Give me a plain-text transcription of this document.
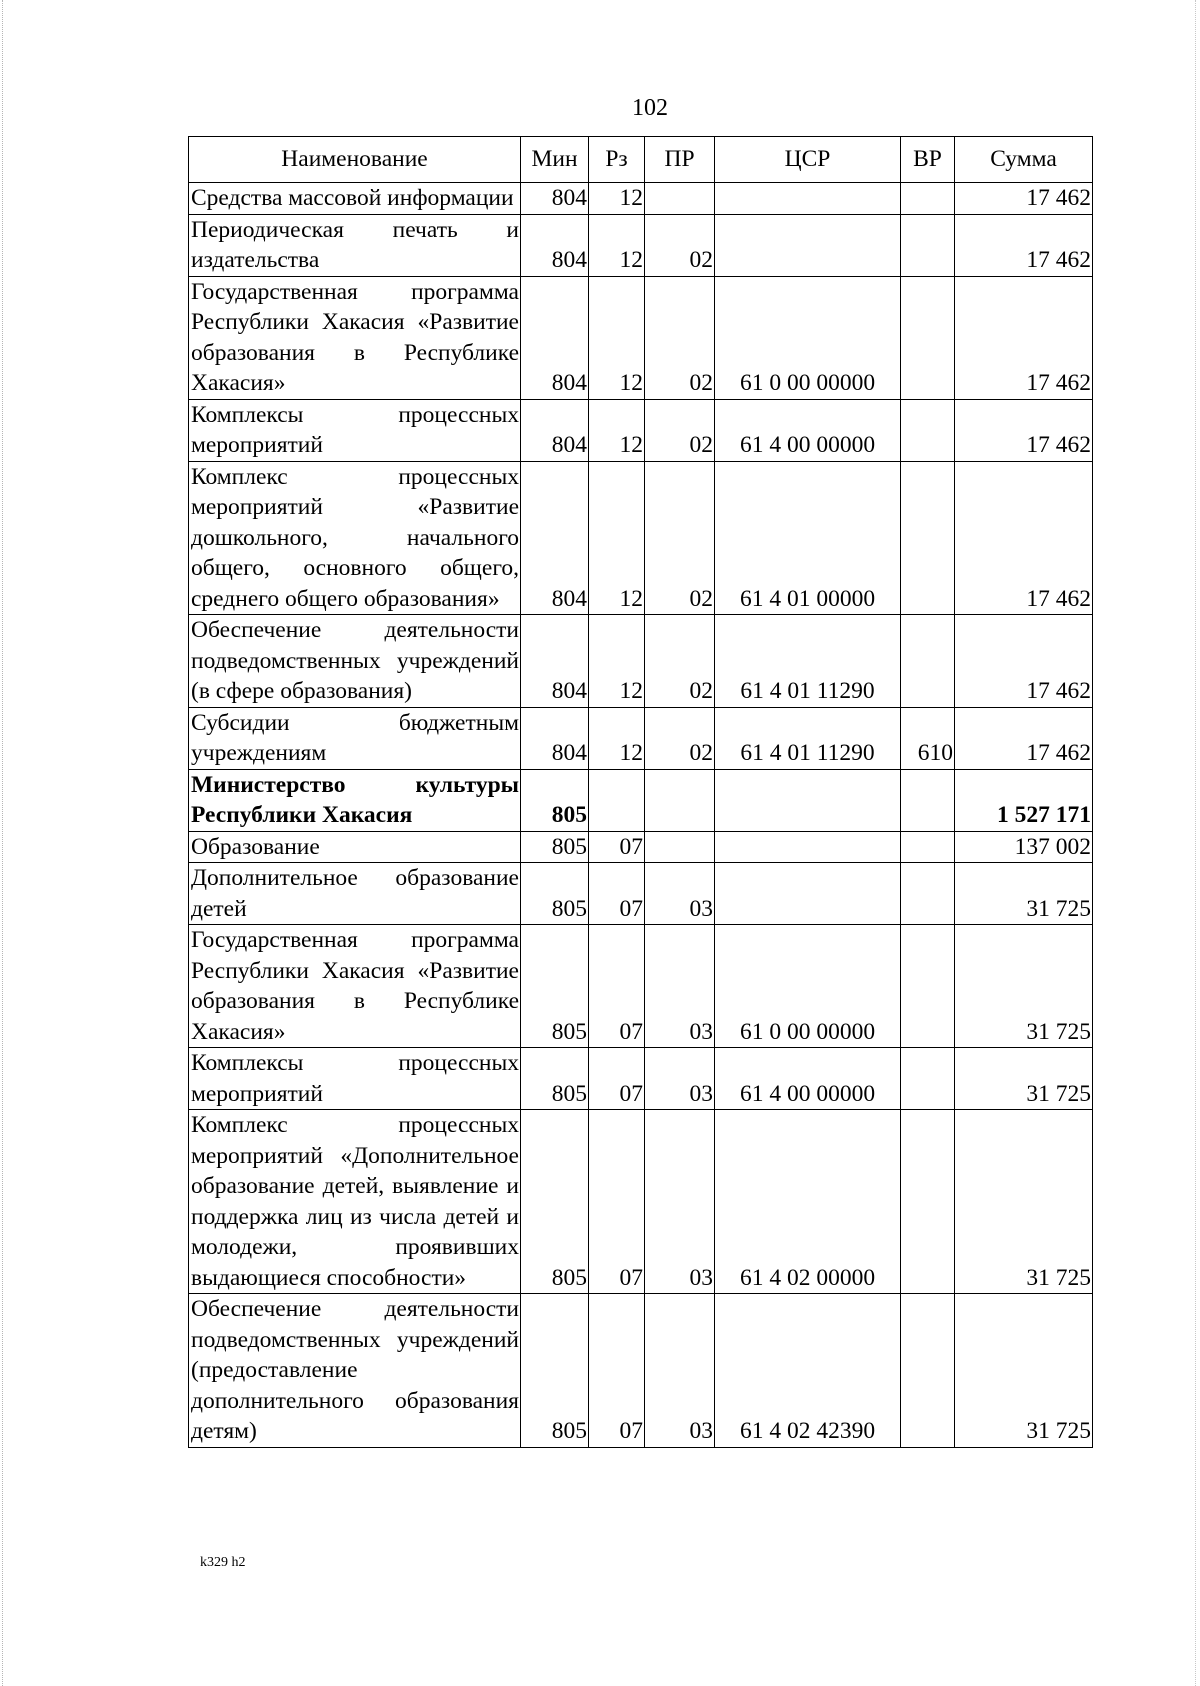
102
Наименование	Мин	Рз	ПР	ЦСР	ВР	Сумма
Средства массовой информации	804	12				17 462
Периодическая печать и издательства	804	12	02			17 462
Государственная программа Республики Хакасия «Развитие образования в Республике Хакасия»	804	12	02	61 0 00 00000		17 462
Комплексы процессных мероприятий	804	12	02	61 4 00 00000		17 462
Комплекс процессных мероприятий «Развитие дошкольного, начального общего, основного общего, среднего общего образования»	804	12	02	61 4 01 00000		17 462
Обеспечение деятельности подведомственных учреждений (в сфере образования)	804	12	02	61 4 01 11290		17 462
Субсидии бюджетным учреждениям	804	12	02	61 4 01 11290	610	17 462
Министерство культуры Республики Хакасия	805					1 527 171
Образование	805	07				137 002
Дополнительное образование детей	805	07	03			31 725
Государственная программа Республики Хакасия «Развитие образования в Республике Хакасия»	805	07	03	61 0 00 00000		31 725
Комплексы процессных мероприятий	805	07	03	61 4 00 00000		31 725
Комплекс процессных мероприятий «Дополнительное образование детей, выявление и поддержка лиц из числа детей и молодежи, проявивших выдающиеся способности»	805	07	03	61 4 02 00000		31 725
Обеспечение деятельности подведомственных учреждений (предоставление дополнительного образования детям)	805	07	03	61 4 02 42390		31 725
k329 h2
